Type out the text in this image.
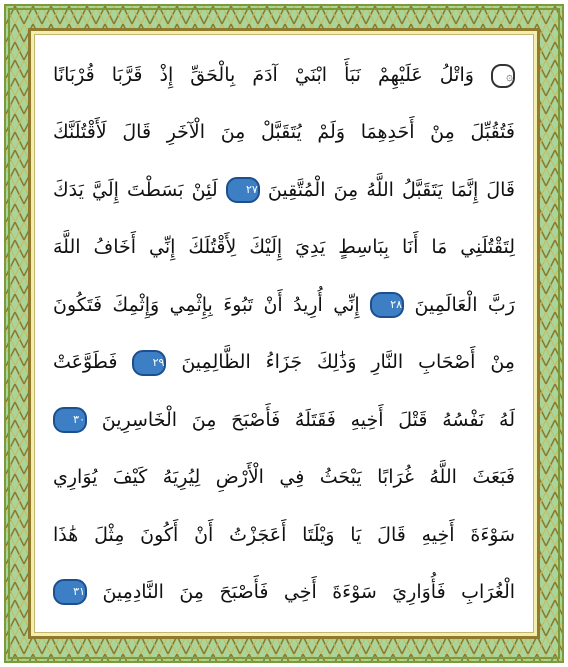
۞ وَاتْلُ عَلَيْهِمْ نَبَأَ ابْنَيْ آدَمَ بِالْحَقِّ إِذْ قَرَّبَا قُرْبَانًا
فَتُقُبِّلَ مِنْ أَحَدِهِمَا وَلَمْ يُتَقَبَّلْ مِنَ الْآخَرِ قَالَ لَأَقْتُلَنَّكَ
قَالَ إِنَّمَا يَتَقَبَّلُ اللَّهُ مِنَ الْمُتَّقِينَ ٢٧ لَئِنْ بَسَطْتَ إِلَيَّ يَدَكَ
لِتَقْتُلَنِي مَا أَنَا بِبَاسِطٍ يَدِيَ إِلَيْكَ لِأَقْتُلَكَ إِنِّي أَخَافُ اللَّهَ
رَبَّ الْعَالَمِينَ ٢٨ إِنِّي أُرِيدُ أَنْ تَبُوءَ بِإِثْمِي وَإِثْمِكَ فَتَكُونَ
مِنْ أَصْحَابِ النَّارِ وَذَٰلِكَ جَزَاءُ الظَّالِمِينَ ٢٩ فَطَوَّعَتْ
لَهُ نَفْسُهُ قَتْلَ أَخِيهِ فَقَتَلَهُ فَأَصْبَحَ مِنَ الْخَاسِرِينَ ٣٠
فَبَعَثَ اللَّهُ غُرَابًا يَبْحَثُ فِي الْأَرْضِ لِيُرِيَهُ كَيْفَ يُوَارِي
سَوْءَةَ أَخِيهِ قَالَ يَا وَيْلَتَا أَعَجَزْتُ أَنْ أَكُونَ مِثْلَ هَٰذَا
الْغُرَابِ فَأُوَارِيَ سَوْءَةَ أَخِي فَأَصْبَحَ مِنَ النَّادِمِينَ ٣١
